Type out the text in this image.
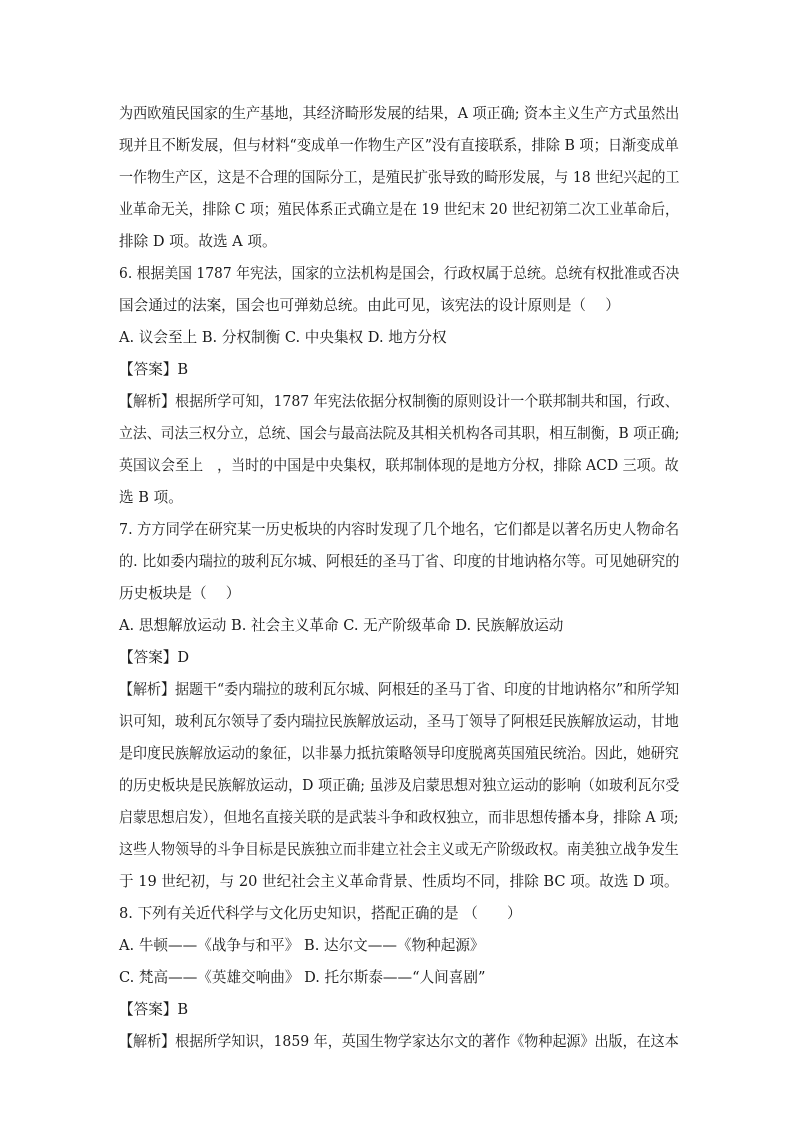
为西欧殖民国家的生产基地，其经济畸形发展的结果，A 项正确; 资本主义生产方式虽然出
现并且不断发展，但与材料“变成单一作物生产区”没有直接联系，排除 B 项；日渐变成单
一作物生产区，这是不合理的国际分工，是殖民扩张导致的畸形发展，与 18 世纪兴起的工
业革命无关，排除 C 项；殖民体系正式确立是在 19 世纪末 20 世纪初第二次工业革命后，
排除 D 项。故选 A 项。
6. 根据美国 1787 年宪法，国家的立法机构是国会，行政权属于总统。总统有权批准或否决
国会通过的法案，国会也可弹劾总统。由此可见，该宪法的设计原则是（　 ）
A. 议会至上 B. 分权制衡 C. 中央集权 D. 地方分权
【答案】B
【解析】根据所学可知，1787 年宪法依据分权制衡的原则设计一个联邦制共和国，行政、
立法、司法三权分立，总统、国会与最高法院及其相关机构各司其职，相互制衡，B 项正确;
英国议会至上　，当时的中国是中央集权，联邦制体现的是地方分权，排除 ACD 三项。故
选 B 项。
7. 方方同学在研究某一历史板块的内容时发现了几个地名，它们都是以著名历史人物命名
的. 比如委内瑞拉的玻利瓦尔城、阿根廷的圣马丁省、印度的甘地讷格尔等。可见她研究的
历史板块是（　 ）
A. 思想解放运动 B. 社会主义革命 C. 无产阶级革命 D. 民族解放运动
【答案】D
【解析】据题干“委内瑞拉的玻利瓦尔城、阿根廷的圣马丁省、印度的甘地讷格尔”和所学知
识可知，玻利瓦尔领导了委内瑞拉民族解放运动，圣马丁领导了阿根廷民族解放运动，甘地
是印度民族解放运动的象征，以非暴力抵抗策略领导印度脱离英国殖民统治。因此，她研究
的历史板块是民族解放运动，D 项正确; 虽涉及启蒙思想对独立运动的影响（如玻利瓦尔受
启蒙思想启发），但地名直接关联的是武装斗争和政权独立，而非思想传播本身，排除 A 项;
这些人物领导的斗争目标是民族独立而非建立社会主义或无产阶级政权。南美独立战争发生
于 19 世纪初，与 20 世纪社会主义革命背景、性质均不同，排除 BC 项。故选 D 项。
8. 下列有关近代科学与文化历史知识，搭配正确的是 （　　）
A. 牛顿——《战争与和平》 B. 达尔文——《物种起源》
C. 梵高——《英雄交响曲》 D. 托尔斯泰——“人间喜剧”
【答案】B
【解析】根据所学知识，1859 年，英国生物学家达尔文的著作《物种起源》出版，在这本
